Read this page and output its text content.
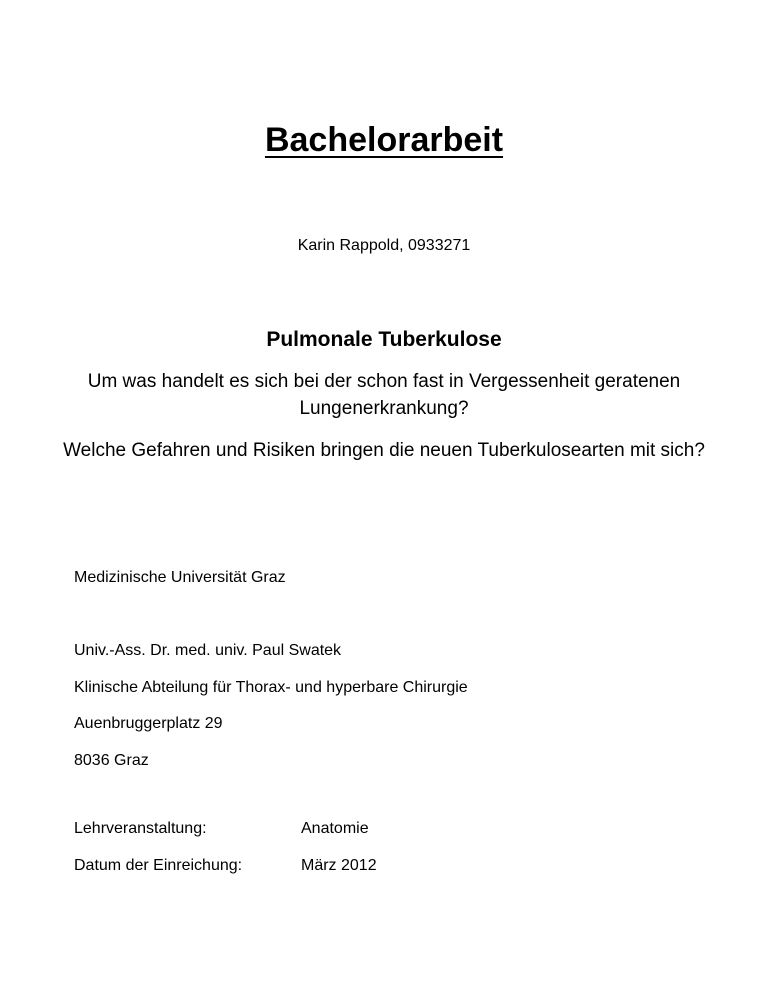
Bachelorarbeit
Karin Rappold, 0933271
Pulmonale Tuberkulose
Um was handelt es sich bei der schon fast in Vergessenheit geratenen Lungenerkrankung?
Welche Gefahren und Risiken bringen die neuen Tuberkulosearten mit sich?
Medizinische Universität Graz
Univ.-Ass. Dr. med. univ. Paul Swatek
Klinische Abteilung für Thorax- und hyperbare Chirurgie
Auenbruggerplatz 29
8036 Graz
Lehrveranstaltung:	Anatomie
Datum der Einreichung:	März 2012
